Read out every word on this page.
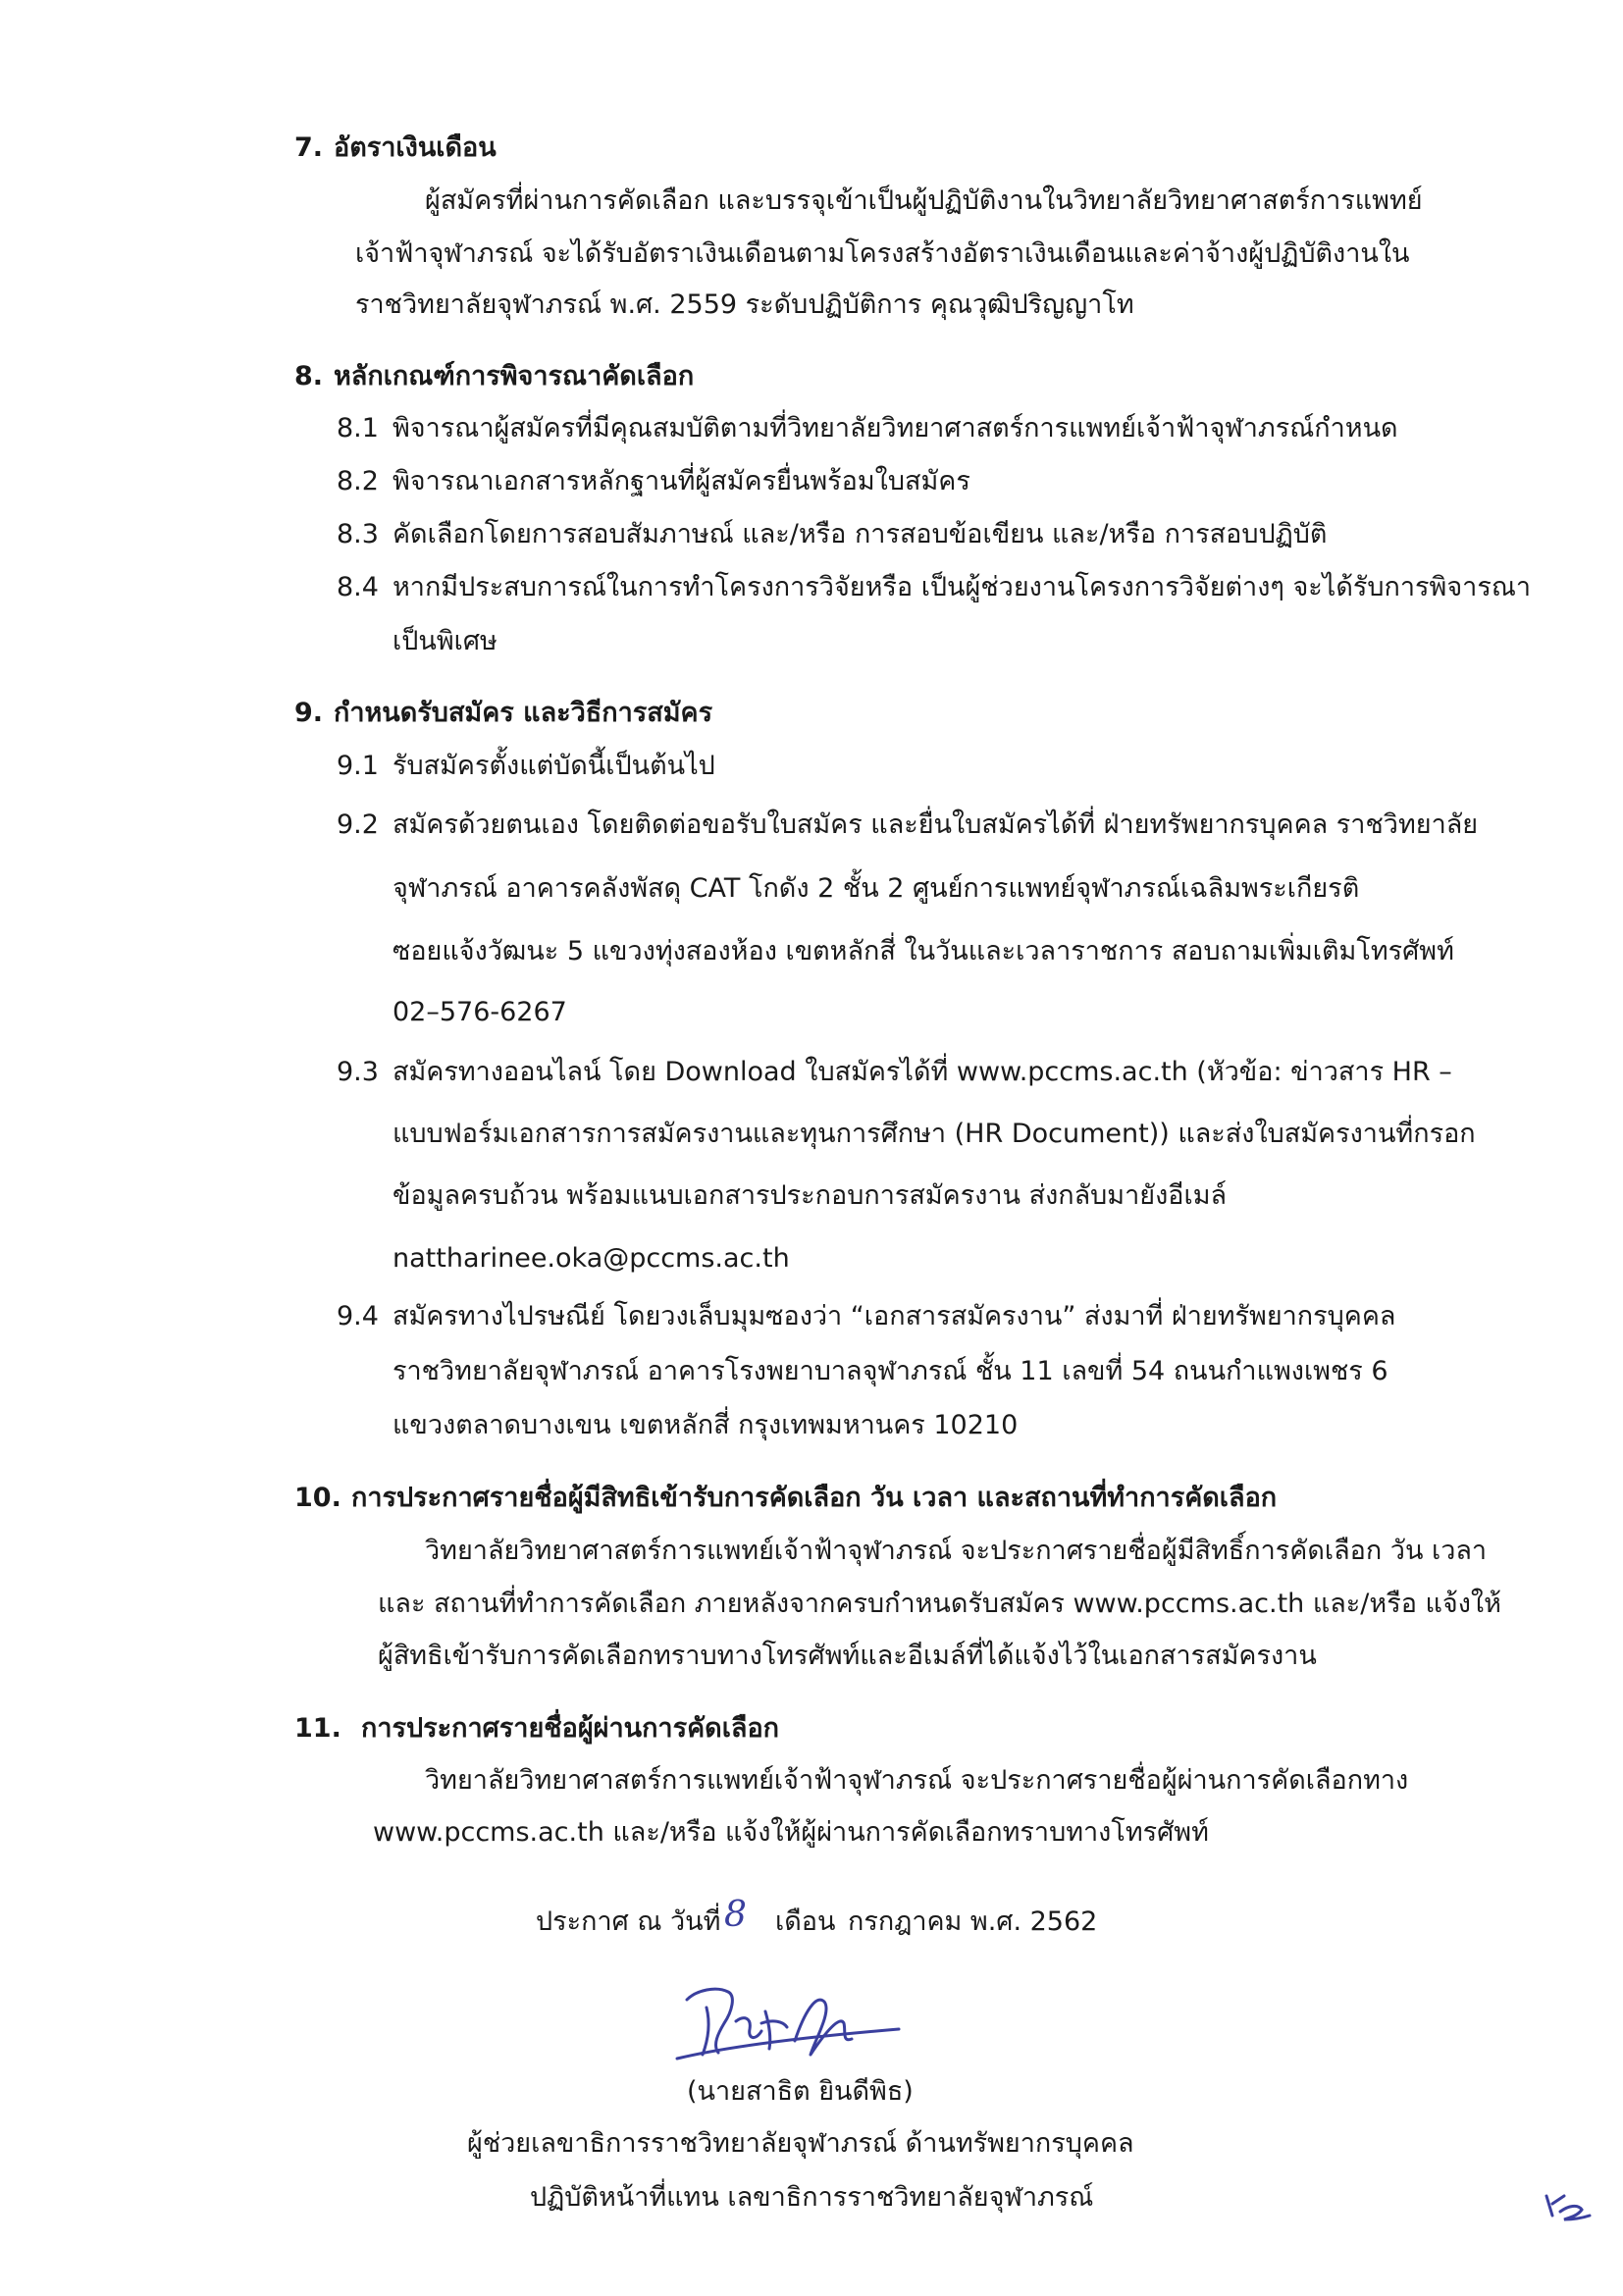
7. อัตราเงินเดือน
ผู้สมัครที่ผ่านการคัดเลือก และบรรจุเข้าเป็นผู้ปฏิบัติงานในวิทยาลัยวิทยาศาสตร์การแพทย์
เจ้าฟ้าจุฬาภรณ์ จะได้รับอัตราเงินเดือนตามโครงสร้างอัตราเงินเดือนและค่าจ้างผู้ปฏิบัติงานใน
ราชวิทยาลัยจุฬาภรณ์ พ.ศ. 2559 ระดับปฏิบัติการ คุณวุฒิปริญญาโท
8. หลักเกณฑ์การพิจารณาคัดเลือก
8.1 พิจารณาผู้สมัครที่มีคุณสมบัติตามที่วิทยาลัยวิทยาศาสตร์การแพทย์เจ้าฟ้าจุฬาภรณ์กำหนด
8.2 พิจารณาเอกสารหลักฐานที่ผู้สมัครยื่นพร้อมใบสมัคร
8.3 คัดเลือกโดยการสอบสัมภาษณ์ และ/หรือ การสอบข้อเขียน และ/หรือ การสอบปฏิบัติ
8.4 หากมีประสบการณ์ในการทำโครงการวิจัยหรือ เป็นผู้ช่วยงานโครงการวิจัยต่างๆ จะได้รับการพิจารณา
เป็นพิเศษ
9. กำหนดรับสมัคร และวิธีการสมัคร
9.1 รับสมัครตั้งแต่บัดนี้เป็นต้นไป
9.2 สมัครด้วยตนเอง โดยติดต่อขอรับใบสมัคร และยื่นใบสมัครได้ที่ ฝ่ายทรัพยากรบุคคล ราชวิทยาลัย
จุฬาภรณ์ อาคารคลังพัสดุ CAT โกดัง 2 ชั้น 2 ศูนย์การแพทย์จุฬาภรณ์เฉลิมพระเกียรติ
ซอยแจ้งวัฒนะ 5 แขวงทุ่งสองห้อง เขตหลักสี่ ในวันและเวลาราชการ สอบถามเพิ่มเติมโทรศัพท์
02–576-6267
9.3 สมัครทางออนไลน์ โดย Download ใบสมัครได้ที่ www.pccms.ac.th (หัวข้อ: ข่าวสาร HR –
แบบฟอร์มเอกสารการสมัครงานและทุนการศึกษา (HR Document)) และส่งใบสมัครงานที่กรอก
ข้อมูลครบถ้วน พร้อมแนบเอกสารประกอบการสมัครงาน ส่งกลับมายังอีเมล์
nattharinee.oka@pccms.ac.th
9.4 สมัครทางไปรษณีย์ โดยวงเล็บมุมซองว่า “เอกสารสมัครงาน” ส่งมาที่ ฝ่ายทรัพยากรบุคคล
ราชวิทยาลัยจุฬาภรณ์ อาคารโรงพยาบาลจุฬาภรณ์ ชั้น 11 เลขที่ 54 ถนนกำแพงเพชร 6
แขวงตลาดบางเขน เขตหลักสี่ กรุงเทพมหานคร 10210
10. การประกาศรายชื่อผู้มีสิทธิเข้ารับการคัดเลือก วัน เวลา และสถานที่ทำการคัดเลือก
วิทยาลัยวิทยาศาสตร์การแพทย์เจ้าฟ้าจุฬาภรณ์ จะประกาศรายชื่อผู้มีสิทธิ์การคัดเลือก วัน เวลา
และ สถานที่ทำการคัดเลือก ภายหลังจากครบกำหนดรับสมัคร www.pccms.ac.th และ/หรือ แจ้งให้
ผู้สิทธิเข้ารับการคัดเลือกทราบทางโทรศัพท์และอีเมล์ที่ได้แจ้งไว้ในเอกสารสมัครงาน
11. การประกาศรายชื่อผู้ผ่านการคัดเลือก
วิทยาลัยวิทยาศาสตร์การแพทย์เจ้าฟ้าจุฬาภรณ์ จะประกาศรายชื่อผู้ผ่านการคัดเลือกทาง
www.pccms.ac.th และ/หรือ แจ้งให้ผู้ผ่านการคัดเลือกทราบทางโทรศัพท์
ประกาศ ณ วันที่ 8 เดือน กรกฎาคม พ.ศ. 2562
(นายสาธิต ยินดีพิธ)
ผู้ช่วยเลขาธิการราชวิทยาลัยจุฬาภรณ์ ด้านทรัพยากรบุคคล
ปฏิบัติหน้าที่แทน เลขาธิการราชวิทยาลัยจุฬาภรณ์
